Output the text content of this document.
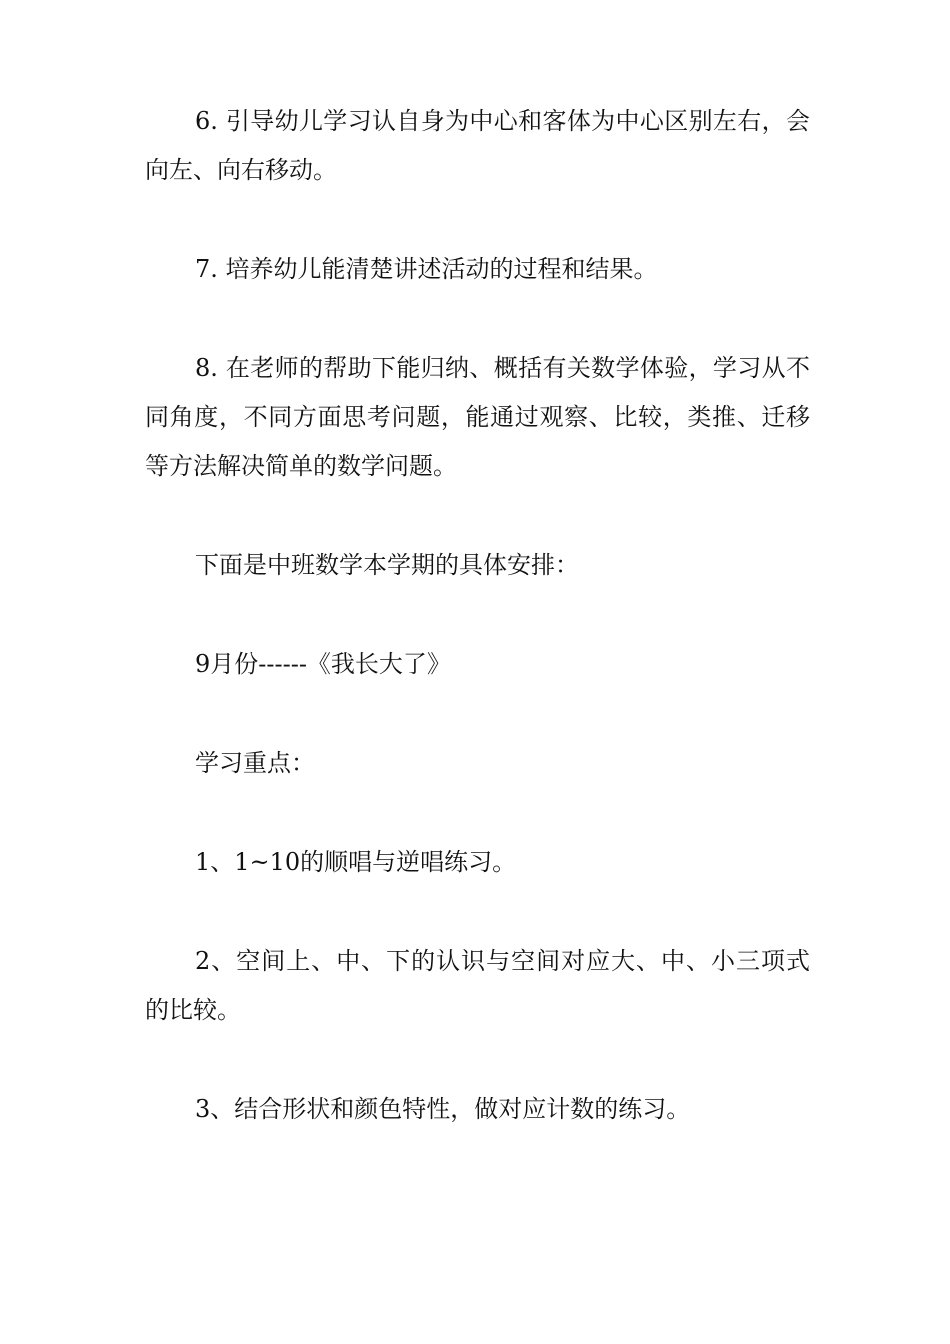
6. 引导幼儿学习认自身为中心和客体为中心区别左右，会向左、向右移动。

7. 培养幼儿能清楚讲述活动的过程和结果。

8. 在老师的帮助下能归纳、概括有关数学体验，学习从不同角度，不同方面思考问题，能通过观察、比较，类推、迁移等方法解决简单的数学问题。

下面是中班数学本学期的具体安排：

9月份------《我长大了》

学习重点：

1、1~10的顺唱与逆唱练习。

2、空间上、中、下的认识与空间对应大、中、小三项式的比较。

3、结合形状和颜色特性，做对应计数的练习。
